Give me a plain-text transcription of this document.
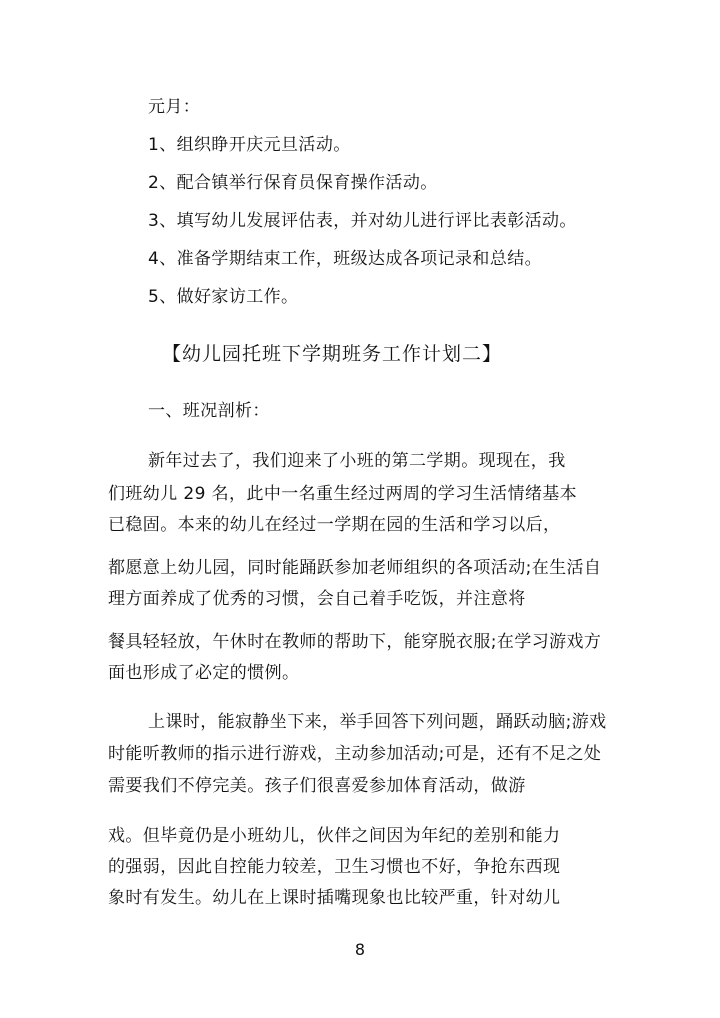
元月：
1、组织睁开庆元旦活动。
2、配合镇举行保育员保育操作活动。
3、填写幼儿发展评估表，并对幼儿进行评比表彰活动。
4、准备学期结束工作，班级达成各项记录和总结。
5、做好家访工作。
【幼儿园托班下学期班务工作计划二】
一、班况剖析：
新年过去了，我们迎来了小班的第二学期。现现在，我
们班幼儿 29 名，此中一名重生经过两周的学习生活情绪基本
已稳固。本来的幼儿在经过一学期在园的生活和学习以后，
都愿意上幼儿园，同时能踊跃参加老师组织的各项活动;在生活自
理方面养成了优秀的习惯，会自己着手吃饭，并注意将
餐具轻轻放，午休时在教师的帮助下，能穿脱衣服;在学习游戏方
面也形成了必定的惯例。
上课时，能寂静坐下来，举手回答下列问题，踊跃动脑;游戏
时能听教师的指示进行游戏，主动参加活动;可是，还有不足之处
需要我们不停完美。孩子们很喜爱参加体育活动，做游
戏。但毕竟仍是小班幼儿，伙伴之间因为年纪的差别和能力
的强弱，因此自控能力较差，卫生习惯也不好，争抢东西现
象时有发生。幼儿在上课时插嘴现象也比较严重，针对幼儿
8
